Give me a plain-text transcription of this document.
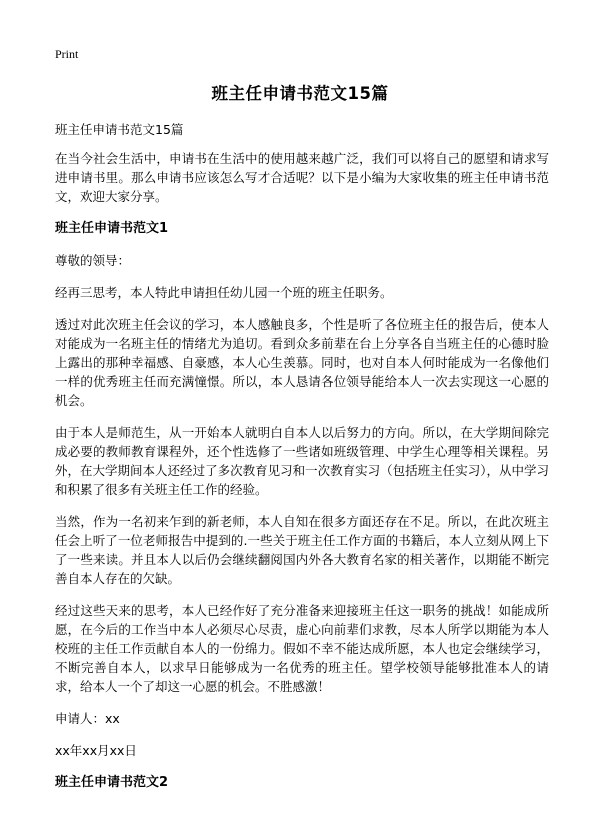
Print
班主任申请书范文15篇

班主任申请书范文15篇

在当今社会生活中，申请书在生活中的使用越来越广泛，我们可以将自己的愿望和请求写进申请书里。那么申请书应该怎么写才合适呢？以下是小编为大家收集的班主任申请书范文，欢迎大家分享。

班主任申请书范文1

尊敬的领导：

经再三思考，本人特此申请担任幼儿园一个班的班主任职务。

透过对此次班主任会议的学习，本人感触良多，个性是听了各位班主任的报告后，使本人对能成为一名班主任的情绪尤为追切。看到众多前辈在台上分享各自当班主任的心德时脸上露出的那种幸福感、自豪感，本人心生羡慕。同时，也对自本人何时能成为一名像他们一样的优秀班主任而充满憧憬。所以，本人恳请各位领导能给本人一次去实现这一心愿的机会。

由于本人是师范生，从一开始本人就明白自本人以后努力的方向。所以，在大学期间除完成必要的教师教育课程外，还个性选修了一些诸如班级管理、中学生心理等相关课程。另外，在大学期间本人还经过了多次教育见习和一次教育实习（包括班主任实习），从中学习和积累了很多有关班主任工作的经验。

当然，作为一名初来乍到的新老师，本人自知在很多方面还存在不足。所以，在此次班主任会上听了一位老师报告中提到的.一些关于班主任工作方面的书籍后，本人立刻从网上下了一些来读。并且本人以后仍会继续翻阅国内外各大教育名家的相关著作，以期能不断完善自本人存在的欠缺。

经过这些天来的思考，本人已经作好了充分准备来迎接班主任这一职务的挑战！如能成所愿，在今后的工作当中本人必须尽心尽责，虚心向前辈们求教，尽本人所学以期能为本人校班的主任工作贡献自本人的一份绵力。假如不幸不能达成所愿，本人也定会继续学习，不断完善自本人，以求早日能够成为一名优秀的班主任。望学校领导能够批准本人的请求，给本人一个了却这一心愿的机会。不胜感激！

申请人：xx

xx年xx月xx日

班主任申请书范文2
